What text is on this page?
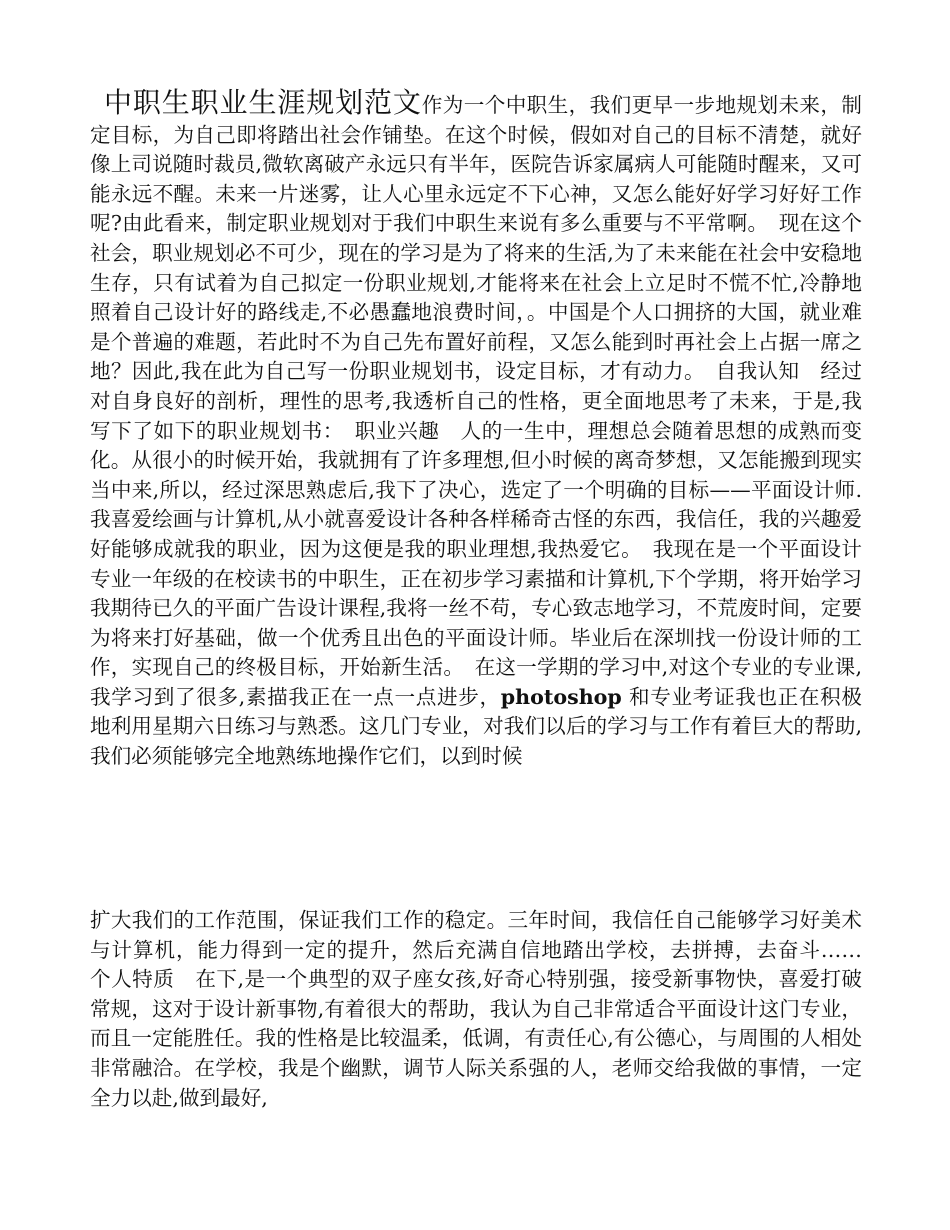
中职生职业生涯规划范文作为一个中职生，我们更早一步地规划未来，制定目标，为自己即将踏出社会作铺垫。在这个时候，假如对自己的目标不清楚，就好像上司说随时裁员,微软离破产永远只有半年，医院告诉家属病人可能随时醒来，又可能永远不醒。未来一片迷雾，让人心里永远定不下心神，又怎么能好好学习好好工作呢?由此看来，制定职业规划对于我们中职生来说有多么重要与不平常啊。　现在这个社会，职业规划必不可少，现在的学习是为了将来的生活,为了未来能在社会中安稳地生存，只有试着为自己拟定一份职业规划,才能将来在社会上立足时不慌不忙,冷静地照着自己设计好的路线走,不必愚蠢地浪费时间，。中国是个人口拥挤的大国，就业难是个普遍的难题，若此时不为自己先布置好前程，又怎么能到时再社会上占据一席之地？因此,我在此为自己写一份职业规划书，设定目标，才有动力。　自我认知　经过对自身良好的剖析，理性的思考,我透析自己的性格，更全面地思考了未来，于是,我写下了如下的职业规划书：　职业兴趣　人的一生中，理想总会随着思想的成熟而变化。从很小的时候开始，我就拥有了许多理想,但小时候的离奇梦想，又怎能搬到现实当中来,所以，经过深思熟虑后,我下了决心，选定了一个明确的目标——平面设计师.　我喜爱绘画与计算机,从小就喜爱设计各种各样稀奇古怪的东西，我信任，我的兴趣爱好能够成就我的职业，因为这便是我的职业理想,我热爱它。　我现在是一个平面设计专业一年级的在校读书的中职生，正在初步学习素描和计算机,下个学期，将开始学习我期待已久的平面广告设计课程,我将一丝不苟，专心致志地学习，不荒废时间，定要为将来打好基础，做一个优秀且出色的平面设计师。毕业后在深圳找一份设计师的工作，实现自己的终极目标，开始新生活。　在这一学期的学习中,对这个专业的专业课,我学习到了很多,素描我正在一点一点进步，photoshop 和专业考证我也正在积极地利用星期六日练习与熟悉。这几门专业，对我们以后的学习与工作有着巨大的帮助,我们必须能够完全地熟练地操作它们，以到时候
扩大我们的工作范围，保证我们工作的稳定。三年时间，我信任自己能够学习好美术与计算机，能力得到一定的提升，然后充满自信地踏出学校，去拼搏，去奋斗……　个人特质　在下,是一个典型的双子座女孩,好奇心特别强，接受新事物快，喜爱打破常规，这对于设计新事物,有着很大的帮助，我认为自己非常适合平面设计这门专业，而且一定能胜任。我的性格是比较温柔，低调，有责任心,有公德心，与周围的人相处非常融洽。在学校，我是个幽默，调节人际关系强的人，老师交给我做的事情，一定全力以赴,做到最好,
